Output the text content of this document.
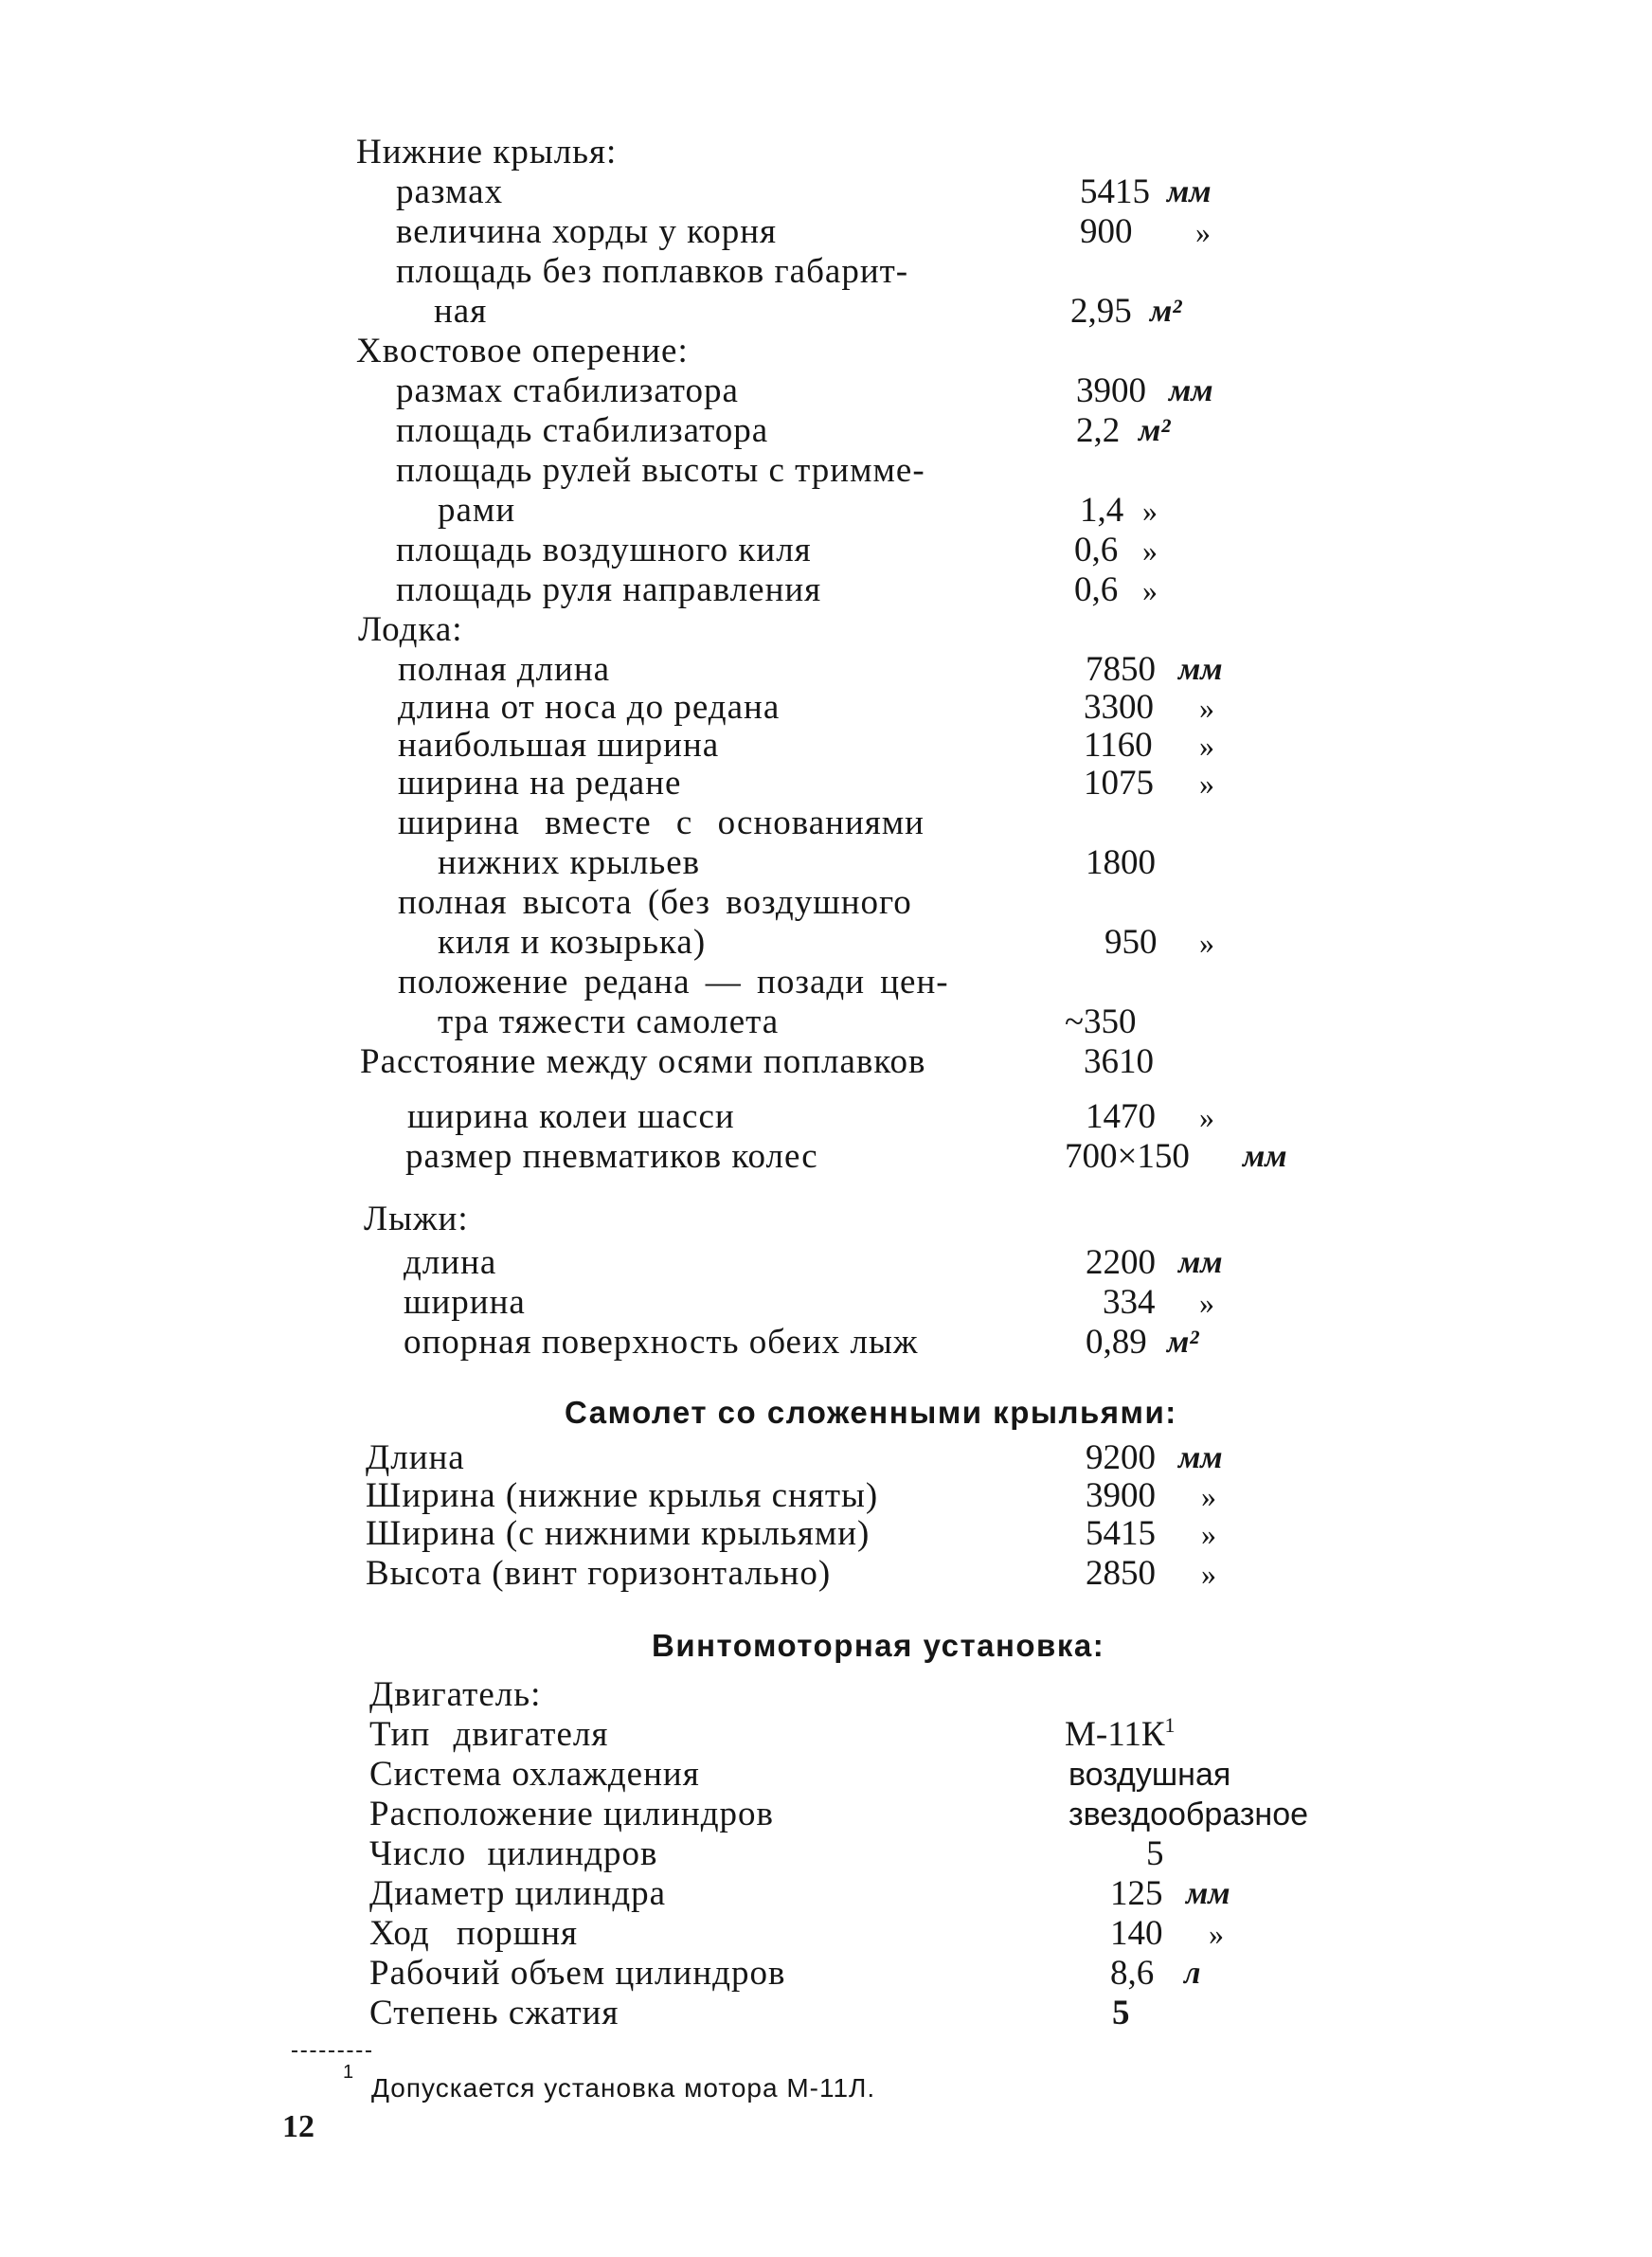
Нижние крылья:
размах	5415 мм
величина хорды у корня	900 »
площадь без поплавков габарит-
ная	2,95 м²
Хвостовое оперение:
размах стабилизатора	3900 мм
площадь стабилизатора	2,2 м²
площадь рулей высоты с тримме-
рами	1,4 »
площадь воздушного киля	0,6 »
площадь руля направления	0,6 »
Лодка:
полная длина	7850 мм
длина от носа до редана	3300 »
наибольшая ширина	1160 »
ширина на редане	1075 »
ширина вместе с основаниями
нижних крыльев	1800
полная высота (без воздушного
киля и козырька)	950 »
положение редана — позади цен-
тра тяжести самолета	~350
Расстояние между осями поплавков	3610
ширина колеи шасси	1470 »
размер пневматиков колес	700×150 мм
Лыжи:
длина	2200 мм
ширина	334 »
опорная поверхность обеих лыж	0,89 м²
Самолет со сложенными крыльями:
Длина	9200 мм
Ширина (нижние крылья сняты)	3900 »
Ширина (с нижними крыльями)	5415 »
Высота (винт горизонтально)	2850 »
Винтомоторная установка:
Двигатель:
Тип двигателя	$М-11К^1$
Система охлаждения	воздушная
Расположение цилиндров	звездообразное
Число цилиндров	5
Диаметр цилиндра	125 мм
Ход поршня	140 »
Рабочий объем цилиндров	8,6 л
Степень сжатия	5
1
Допускается установка мотора М-11Л.
12
